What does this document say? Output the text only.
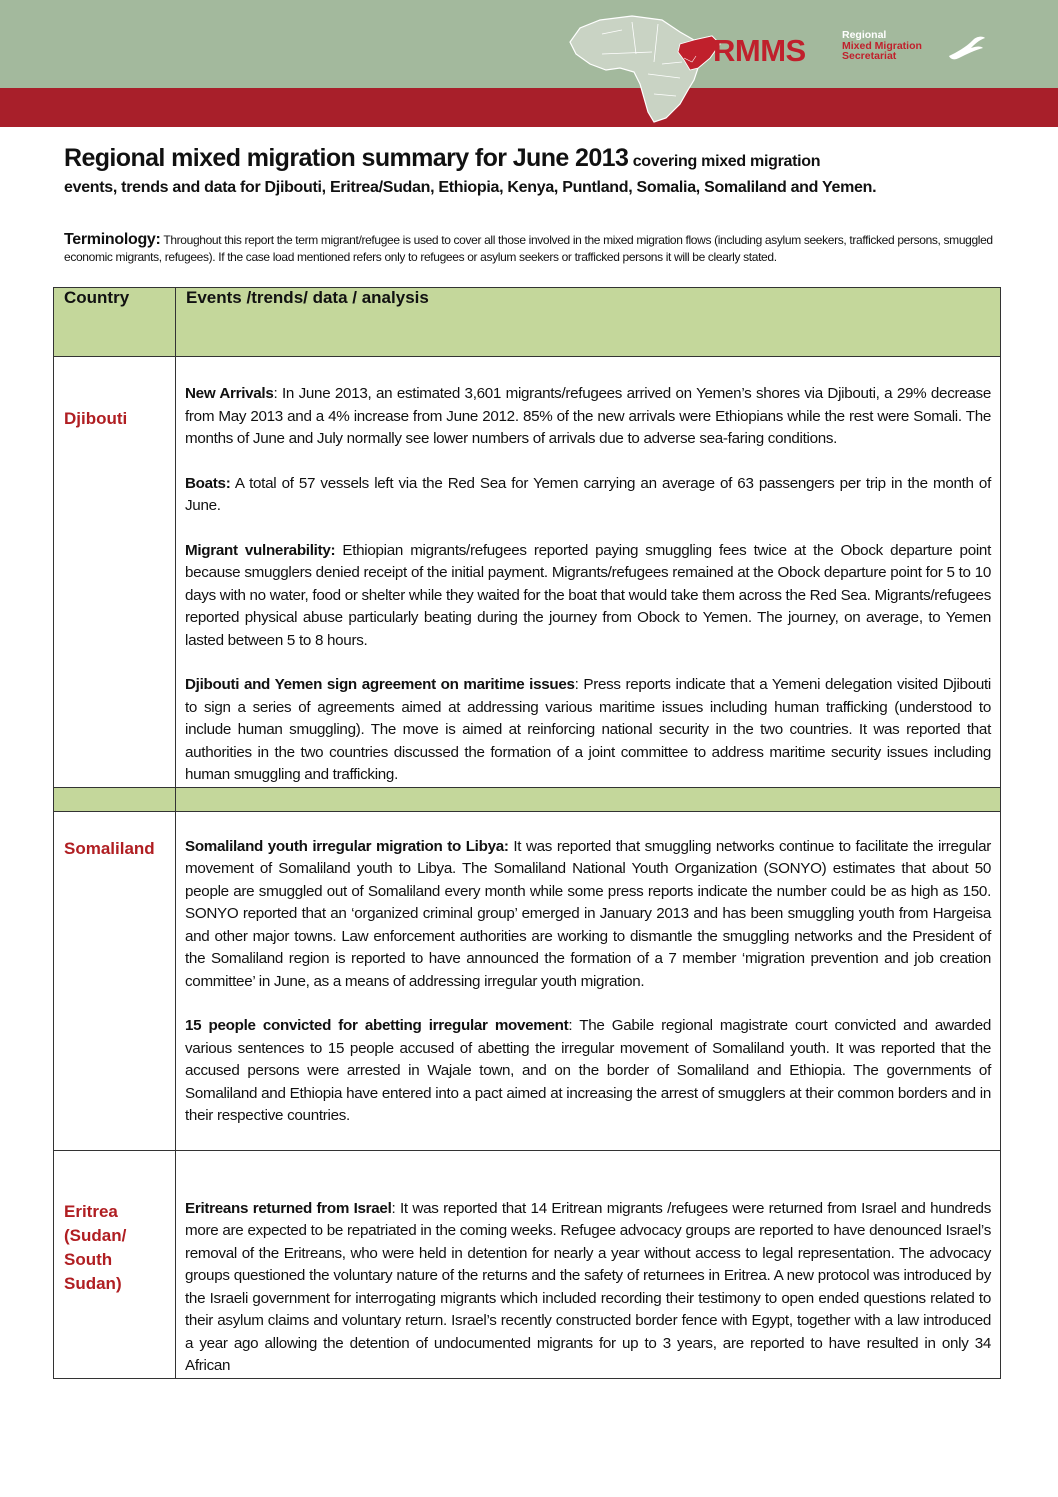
RMMS	Regional
Mixed Migration
Secretariat
Regional mixed migration summary for June 2013 covering mixed migration
events, trends and data for Djibouti, Eritrea/Sudan, Ethiopia, Kenya, Puntland, Somalia, Somaliland and Yemen.
Terminology: Throughout this report the term migrant/refugee is used to cover all those involved in the mixed migration flows (including asylum seekers, trafficked persons, smuggled economic migrants, refugees). If the case load mentioned refers only to refugees or asylum seekers or trafficked persons it will be clearly stated.
Country	Events /trends/ data / analysis

Djibouti	New Arrivals: In June 2013, an estimated 3,601 migrants/refugees arrived on Yemen’s shores via Djibouti, a 29% decrease from May 2013 and a 4% increase from June 2012. 85% of the new arrivals were Ethiopians while the rest were Somali. The months of June and July normally see lower numbers of arrivals due to adverse sea-faring conditions.

Boats: A total of 57 vessels left via the Red Sea for Yemen carrying an average of 63 passengers per trip in the month of June.

Migrant vulnerability: Ethiopian migrants/refugees reported paying smuggling fees twice at the Obock departure point because smugglers denied receipt of the initial payment. Migrants/refugees remained at the Obock departure point for 5 to 10 days with no water, food or shelter while they waited for the boat that would take them across the Red Sea. Migrants/refugees reported physical abuse particularly beating during the journey from Obock to Yemen. The journey, on average, to Yemen lasted between 5 to 8 hours.

Djibouti and Yemen sign agreement on maritime issues: Press reports indicate that a Yemeni delegation visited Djibouti to sign a series of agreements aimed at addressing various maritime issues including human trafficking (understood to include human smuggling). The move is aimed at reinforcing national security in the two countries. It was reported that authorities in the two countries discussed the formation of a joint committee to address maritime security issues including human smuggling and trafficking.

Somaliland	Somaliland youth irregular migration to Libya: It was reported that smuggling networks continue to facilitate the irregular movement of Somaliland youth to Libya. The Somaliland National Youth Organization (SONYO) estimates that about 50 people are smuggled out of Somaliland every month while some press reports indicate the number could be as high as 150. SONYO reported that an ‘organized criminal group’ emerged in January 2013 and has been smuggling youth from Hargeisa and other major towns. Law enforcement authorities are working to dismantle the smuggling networks and the President of the Somaliland region is reported to have announced the formation of a 7 member ‘migration prevention and job creation committee’ in June, as a means of addressing irregular youth migration.

15 people convicted for abetting irregular movement: The Gabile regional magistrate court convicted and awarded various sentences to 15 people accused of abetting the irregular movement of Somaliland youth. It was reported that the accused persons were arrested in Wajale town, and on the border of Somaliland and Ethiopia. The governments of Somaliland and Ethiopia have entered into a pact aimed at increasing the arrest of smugglers at their common borders and in their respective countries.

Eritrea (Sudan/ South Sudan)	Eritreans returned from Israel: It was reported that 14 Eritrean migrants /refugees were returned from Israel and hundreds more are expected to be repatriated in the coming weeks. Refugee advocacy groups are reported to have denounced Israel’s removal of the Eritreans, who were held in detention for nearly a year without access to legal representation. The advocacy groups questioned the voluntary nature of the returns and the safety of returnees in Eritrea. A new protocol was introduced by the Israeli government for interrogating migrants which included recording their testimony to open ended questions related to their asylum claims and voluntary return. Israel’s recently constructed border fence with Egypt, together with a law introduced a year ago allowing the detention of undocumented migrants for up to 3 years, are reported to have resulted in only 34 African
